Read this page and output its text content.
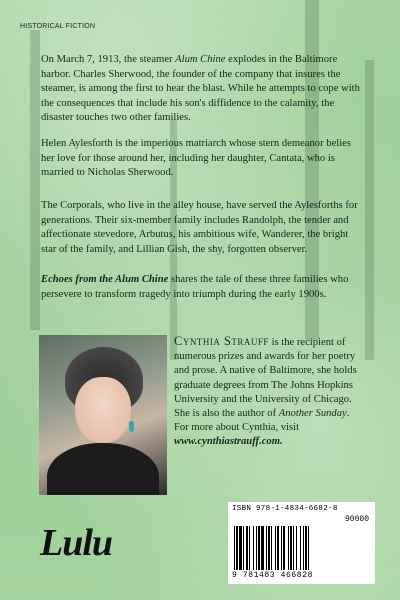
HISTORICAL FICTION

On March 7, 1913, the steamer Alum Chine explodes in the Baltimore harbor. Charles Sherwood, the founder of the company that insures the steamer, is among the first to hear the blast. While he attempts to cope with the consequences that include his son's diffidence to the calamity, the disaster touches two other families.

Helen Aylesforth is the imperious matriarch whose stern demeanor belies her love for those around her, including her daughter, Cantata, who is married to Nicholas Sherwood.

The Corporals, who live in the alley house, have served the Aylesforths for generations. Their six-member family includes Randolph, the tender and affectionate stevedore, Arbutus, his ambitious wife, Wanderer, the bright star of the family, and Lillian Gish, the shy, forgotten observer.

Echoes from the Alum Chine shares the tale of these three families who persevere to transform tragedy into triumph during the early 1900s.

Cynthia Strauff is the recipient of numerous prizes and awards for her poetry and prose. A native of Baltimore, she holds graduate degrees from The Johns Hopkins University and the University of Chicago. She is also the author of Another Sunday. For more about Cynthia, visit www.cynthiastrauff.com.

Lulu
ISBN 978-1-4834-6682-8
90000
9 781483 466828
